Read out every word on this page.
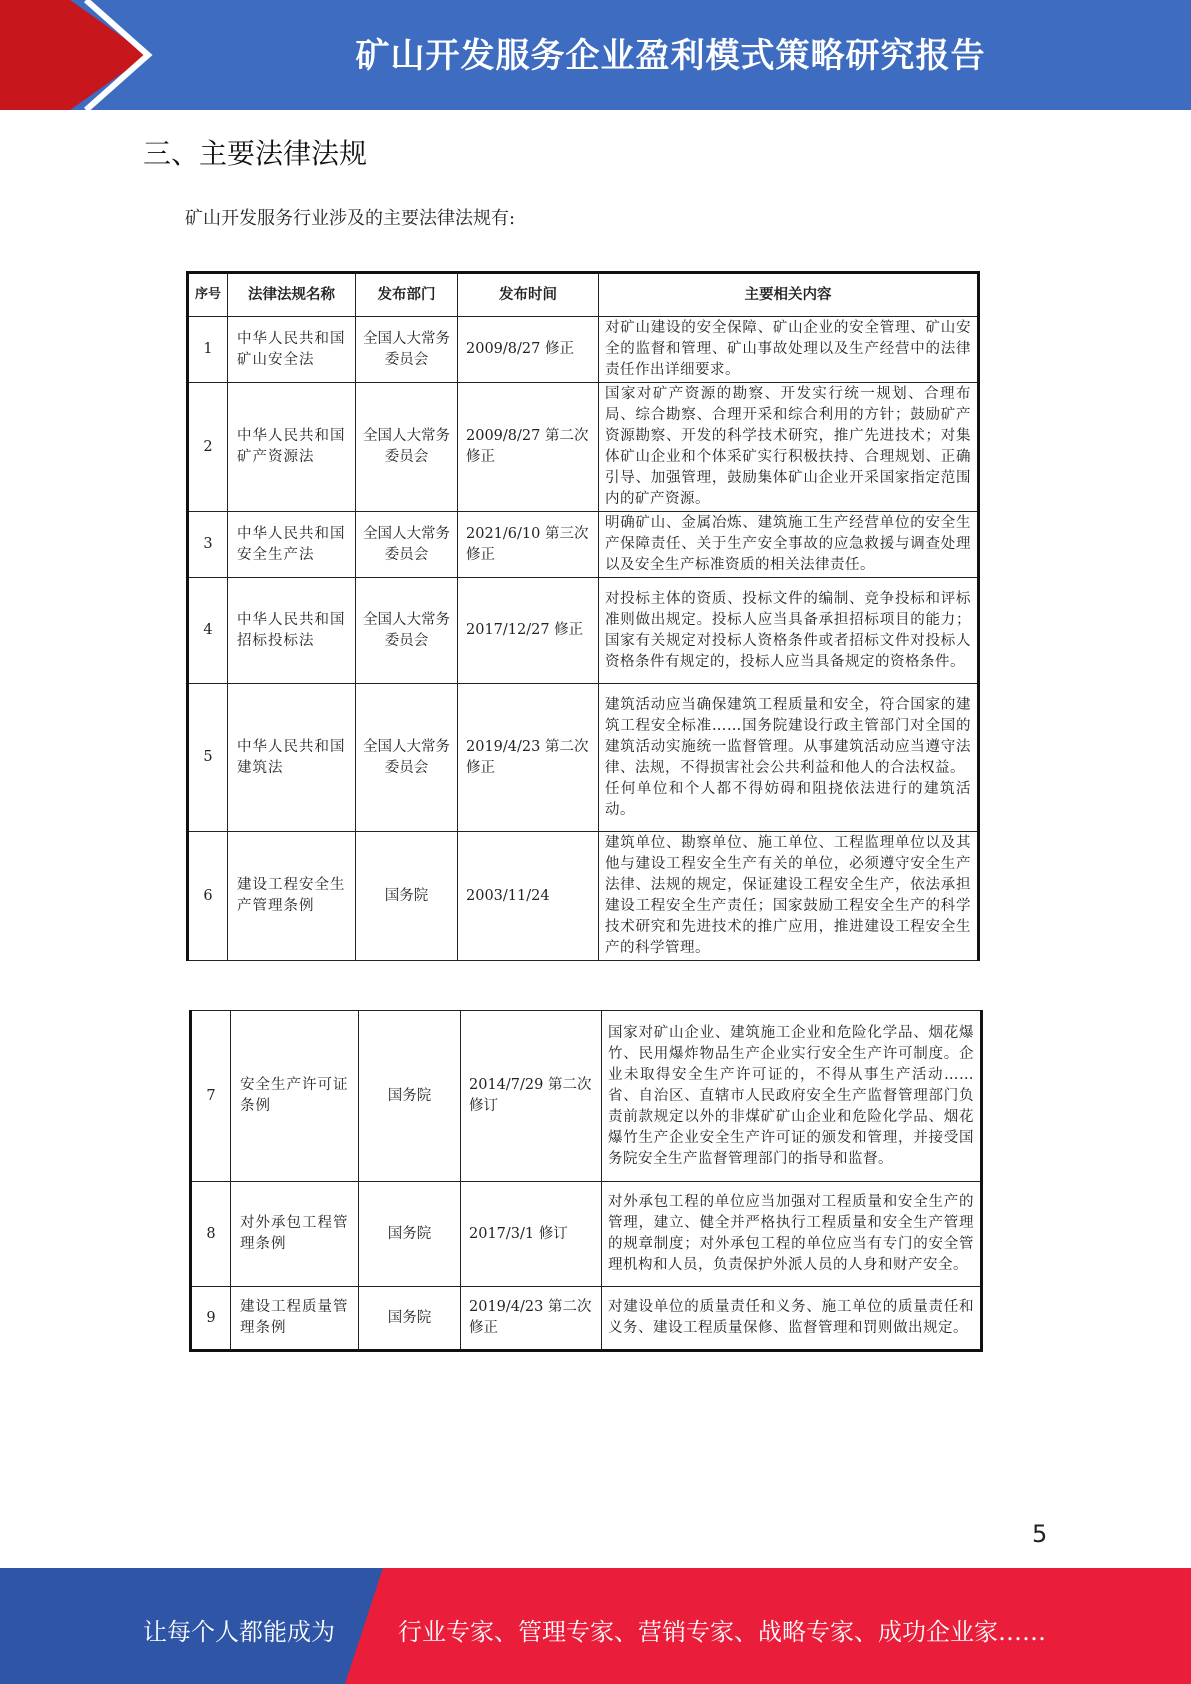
矿山开发服务企业盈利模式策略研究报告
三、主要法律法规
矿山开发服务行业涉及的主要法律法规有:
序号	法律法规名称	发布部门	发布时间	主要相关内容
1	中华人民共和国矿山安全法	全国人大常务委员会	2009/8/27 修正	对矿山建设的安全保障、矿山企业的安全管理、矿山安全的监督和管理、矿山事故处理以及生产经营中的法律责任作出详细要求。
2	中华人民共和国矿产资源法	全国人大常务委员会	2009/8/27 第二次修正	国家对矿产资源的勘察、开发实行统一规划、合理布局、综合勘察、合理开采和综合利用的方针；鼓励矿产资源勘察、开发的科学技术研究，推广先进技术；对集体矿山企业和个体采矿实行积极扶持、合理规划、正确引导、加强管理，鼓励集体矿山企业开采国家指定范围内的矿产资源。
3	中华人民共和国安全生产法	全国人大常务委员会	2021/6/10 第三次修正	明确矿山、金属冶炼、建筑施工生产经营单位的安全生产保障责任、关于生产安全事故的应急救援与调查处理以及安全生产标准资质的相关法律责任。
4	中华人民共和国招标投标法	全国人大常务委员会	2017/12/27 修正	对投标主体的资质、投标文件的编制、竞争投标和评标准则做出规定。投标人应当具备承担招标项目的能力；国家有关规定对投标人资格条件或者招标文件对投标人资格条件有规定的，投标人应当具备规定的资格条件。
5	中华人民共和国建筑法	全国人大常务委员会	2019/4/23 第二次修正	建筑活动应当确保建筑工程质量和安全，符合国家的建筑工程安全标准……国务院建设行政主管部门对全国的建筑活动实施统一监督管理。从事建筑活动应当遵守法律、法规，不得损害社会公共利益和他人的合法权益。
任何单位和个人都不得妨碍和阻挠依法进行的建筑活动。
6	建设工程安全生产管理条例	国务院	2003/11/24	建筑单位、勘察单位、施工单位、工程监理单位以及其他与建设工程安全生产有关的单位，必须遵守安全生产法律、法规的规定，保证建设工程安全生产，依法承担建设工程安全生产责任；国家鼓励工程安全生产的科学技术研究和先进技术的推广应用，推进建设工程安全生产的科学管理。
7	安全生产许可证条例	国务院	2014/7/29 第二次修订	国家对矿山企业、建筑施工企业和危险化学品、烟花爆竹、民用爆炸物品生产企业实行安全生产许可制度。企业未取得安全生产许可证的，不得从事生产活动……省、自治区、直辖市人民政府安全生产监督管理部门负责前款规定以外的非煤矿矿山企业和危险化学品、烟花爆竹生产企业安全生产许可证的颁发和管理，并接受国务院安全生产监督管理部门的指导和监督。
8	对外承包工程管理条例	国务院	2017/3/1 修订	对外承包工程的单位应当加强对工程质量和安全生产的管理，建立、健全并严格执行工程质量和安全生产管理的规章制度；对外承包工程的单位应当有专门的安全管理机构和人员，负责保护外派人员的人身和财产安全。
9	建设工程质量管理条例	国务院	2019/4/23 第二次修正	对建设单位的质量责任和义务、施工单位的质量责任和义务、建设工程质量保修、监督管理和罚则做出规定。
5
让每个人都能成为	行业专家、管理专家、营销专家、战略专家、成功企业家……
